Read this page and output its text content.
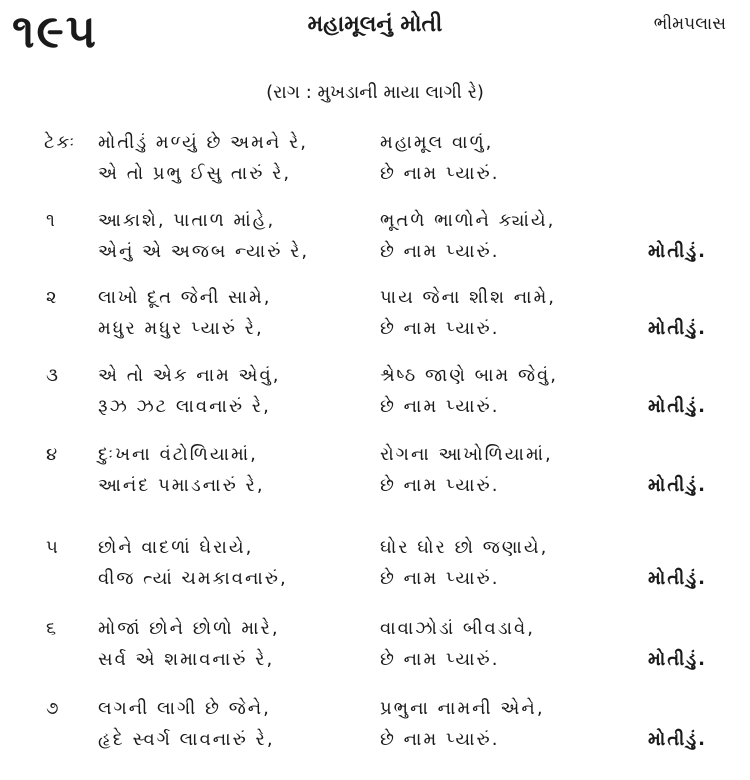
૧૯૫	મહામૂલનું મોતી	ભીમપલાસ
(રાગ : મુખડાની માયા લાગી રે)
ટેકઃ મોતીડું મળ્યું છે અમને રે,	મહામૂલ વાળું,
એ તો પ્રભુ ઈસુ તારું રે,	છે નામ પ્યારું.
૧ આકાશે, પાતાળ માંહે,	ભૂતળે ભાળોને ક્યાંયે,
એનું એ અજબ ન્યારું રે,	છે નામ પ્યારું.	મોતીડું.
૨ લાખો દૂત જેની સામે,	પાય જેના શીશ નામે,
મધુર મધુર પ્યારું રે,	છે નામ પ્યારું.	મોતીડું.
૩ એ તો એક નામ એવું,	શ્રેષ્ઠ જાણે બામ જેવું,
રૂઝ ઝટ લાવનારું રે,	છે નામ પ્યારું.	મોતીડું.
૪ દુઃખના વંટોળિયામાં,	રોગના આખોળિયામાં,
આનંદ પમાડનારું રે,	છે નામ પ્યારું.	મોતીડું.
૫ છોને વાદળાં ઘેરાયે,	ઘોર ઘોર છો જણાયે,
વીજ ત્યાં ચમકાવનારું,	છે નામ પ્યારું.	મોતીડું.
૬ મોજાં છોને છોળો મારે,	વાવાઝોડાં બીવડાવે,
સર્વ એ શમાવનારું રે,	છે નામ પ્યારું.	મોતીડું.
૭ લગની લાગી છે જેને,	પ્રભુના નામની એને,
હૃદે સ્વર્ગ લાવનારું રે,	છે નામ પ્યારું.	મોતીડું.
